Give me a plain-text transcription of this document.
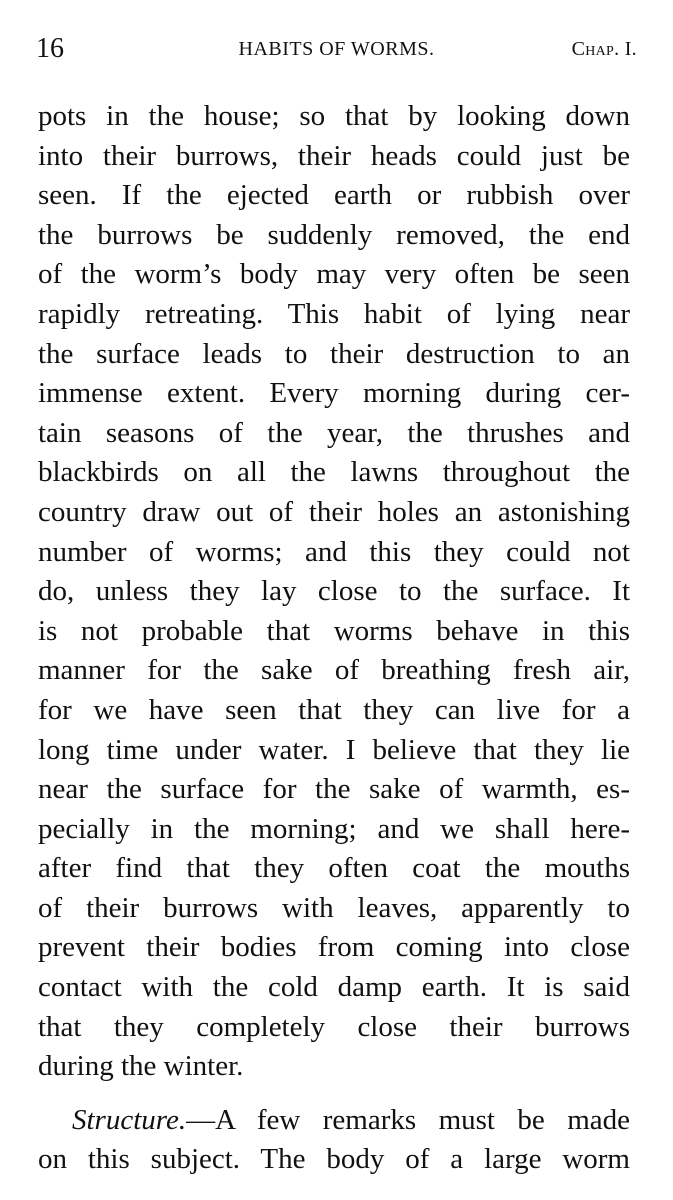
16	HABITS OF WORMS.	Chap. I.
pots in the house; so that by looking down
into their burrows, their heads could just be
seen. If the ejected earth or rubbish over
the burrows be suddenly removed, the end
of the worm’s body may very often be seen
rapidly retreating. This habit of lying near
the surface leads to their destruction to an
immense extent. Every morning during cer-
tain seasons of the year, the thrushes and
blackbirds on all the lawns throughout the
country draw out of their holes an astonishing
number of worms; and this they could not
do, unless they lay close to the surface. It
is not probable that worms behave in this
manner for the sake of breathing fresh air,
for we have seen that they can live for a
long time under water. I believe that they lie
near the surface for the sake of warmth, es-
pecially in the morning; and we shall here-
after find that they often coat the mouths
of their burrows with leaves, apparently to
prevent their bodies from coming into close
contact with the cold damp earth. It is said
that they completely close their burrows
during the winter.
Structure.—A few remarks must be made
on this subject. The body of a large worm
